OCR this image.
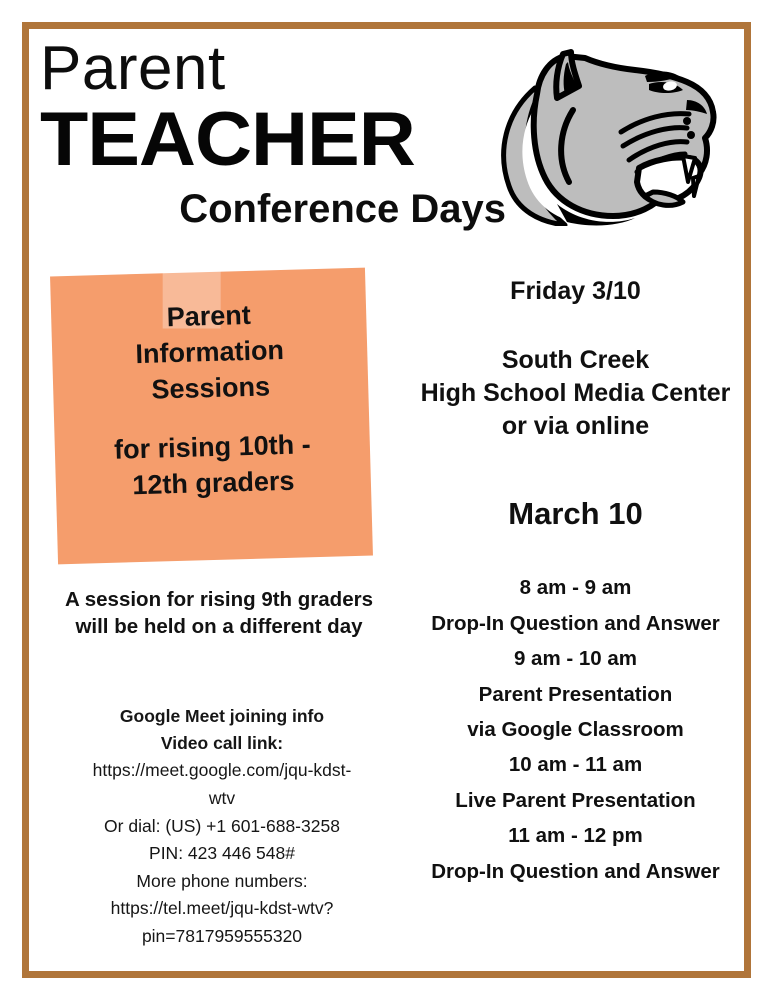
Parent
TEACHER
Conference Days
Parent
Information
Sessions
for rising 10th -
12th graders
A session for rising 9th graders
will be held on a different day
Google Meet joining info
Video call link:
https://meet.google.com/jqu-kdst-
wtv
Or dial: (US) +1 601-688-3258
PIN: 423 446 548#
More phone numbers:
https://tel.meet/jqu-kdst-wtv?
pin=7817959555320
Friday 3/10
South Creek
High School Media Center
or via online
March 10
8 am - 9 am
Drop-In Question and Answer
9 am - 10 am
Parent Presentation
via Google Classroom
10 am - 11 am
Live Parent Presentation
11 am - 12 pm
Drop-In Question and Answer
